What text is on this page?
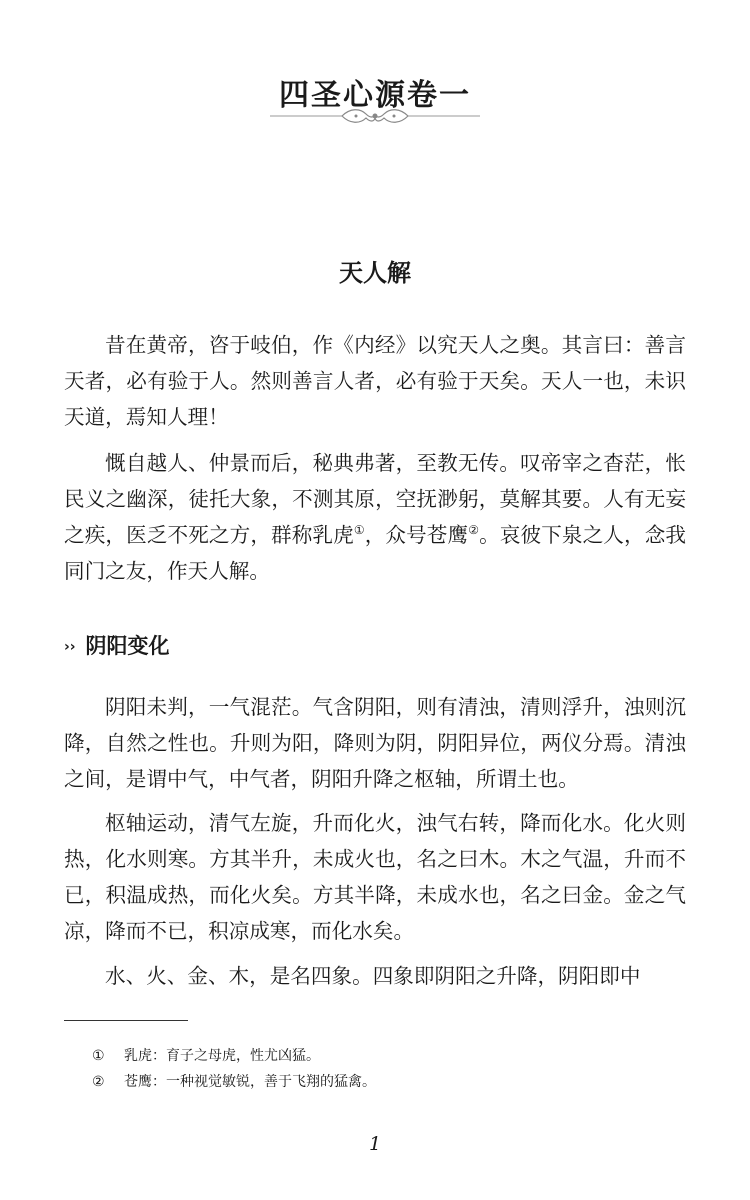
四圣心源卷一
天人解

昔在黄帝，咨于岐伯，作《内经》以究天人之奥。其言曰：善言天者，必有验于人。然则善言人者，必有验于天矣。天人一也，未识天道，焉知人理！

慨自越人、仲景而后，秘典弗著，至教无传。叹帝宰之杳茫，怅民义之幽深，徒托大象，不测其原，空抚渺躬，莫解其要。人有无妄之疾，医乏不死之方，群称乳虎①，众号苍鹰②。哀彼下泉之人，念我同门之友，作天人解。

›› 阴阳变化

阴阳未判，一气混茫。气含阴阳，则有清浊，清则浮升，浊则沉降，自然之性也。升则为阳，降则为阴，阴阳异位，两仪分焉。清浊之间，是谓中气，中气者，阴阳升降之枢轴，所谓土也。

枢轴运动，清气左旋，升而化火，浊气右转，降而化水。化火则热，化水则寒。方其半升，未成火也，名之曰木。木之气温，升而不已，积温成热，而化火矣。方其半降，未成水也，名之曰金。金之气凉，降而不已，积凉成寒，而化水矣。

水、火、金、木，是名四象。四象即阴阳之升降，阴阳即中

① 乳虎：育子之母虎，性尤凶猛。

② 苍鹰：一种视觉敏锐，善于飞翔的猛禽。

1
